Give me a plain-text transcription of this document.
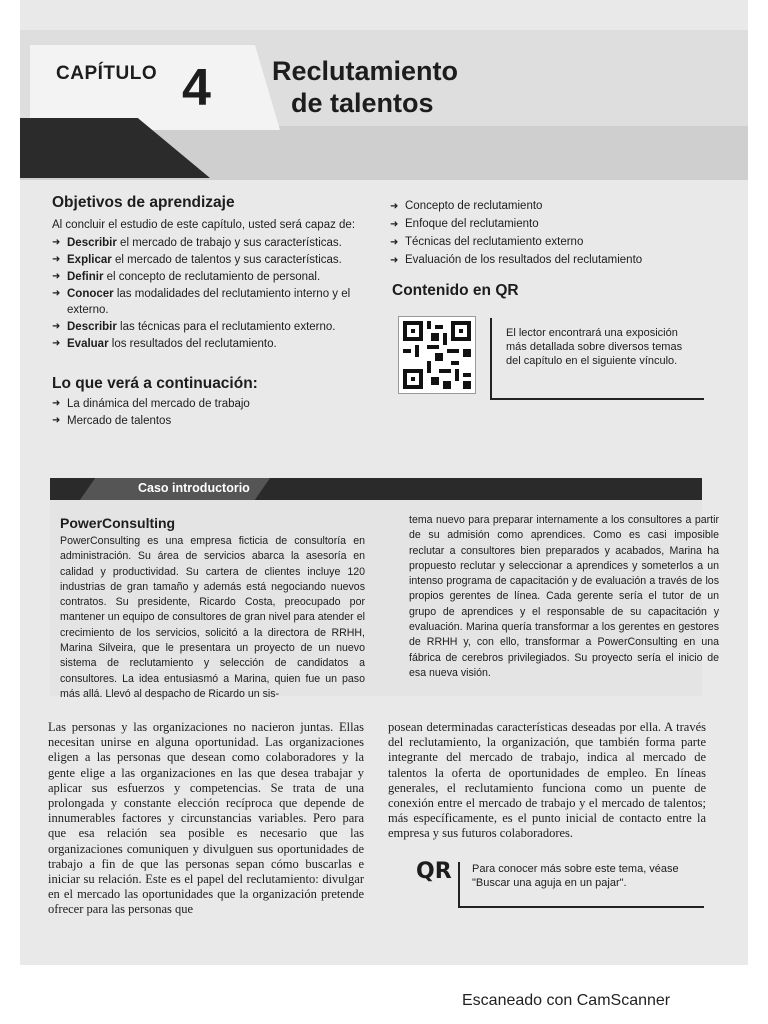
CAPÍTULO 4 Reclutamiento
de talentos
Objetivos de aprendizaje

Al concluir el estudio de este capítulo, usted será capaz de:

➜ Describir el mercado de trabajo y sus características.
➜ Explicar el mercado de talentos y sus características.
➜ Definir el concepto de reclutamiento de personal.
➜ Conocer las modalidades del reclutamiento interno y el externo.
➜ Describir las técnicas para el reclutamiento externo.
➜ Evaluar los resultados del reclutamiento.
Lo que verá a continuación:
➜ La dinámica del mercado de trabajo
➜ Mercado de talentos
➜ Concepto de reclutamiento
➜ Enfoque del reclutamiento
➜ Técnicas del reclutamiento externo
➜ Evaluación de los resultados del reclutamiento
Contenido en QR
El lector encontrará una exposición más detallada sobre diversos temas del capítulo en el siguiente vínculo.
Caso introductorio
PowerConsulting

PowerConsulting es una empresa ficticia de consultoría en administración. Su área de servicios abarca la asesoría en calidad y productividad. Su cartera de clientes incluye 120 industrias de gran tamaño y además está negociando nuevos contratos. Su presidente, Ricardo Costa, preocupado por mantener un equipo de consultores de gran nivel para atender el crecimiento de los servicios, solicitó a la directora de RRHH, Marina Silveira, que le presentara un proyecto de un nuevo sistema de reclutamiento y selección de candidatos a consultores. La idea entusiasmó a Marina, quien fue un paso más allá. Llevó al despacho de Ricardo un sis-

tema nuevo para preparar internamente a los consultores a partir de su admisión como aprendices. Como es casi imposible reclutar a consultores bien preparados y acabados, Marina ha propuesto reclutar y seleccionar a aprendices y someterlos a un intenso programa de capacitación y de evaluación a través de los propios gerentes de línea. Cada gerente sería el tutor de un grupo de aprendices y el responsable de su capacitación y evaluación. Marina quería transformar a los gerentes en gestores de RRHH y, con ello, transformar a PowerConsulting en una fábrica de cerebros privilegiados. Su proyecto sería el inicio de esa nueva visión.

Las personas y las organizaciones no nacieron juntas. Ellas necesitan unirse en alguna oportunidad. Las organizaciones eligen a las personas que desean como colaboradores y la gente elige a las organizaciones en las que desea trabajar y aplicar sus esfuerzos y competencias. Se trata de una prolongada y constante elección recíproca que depende de innumerables factores y circunstancias variables. Pero para que esa relación sea posible es necesario que las organizaciones comuniquen y divulguen sus oportunidades de trabajo a fin de que las personas sepan cómo buscarlas e iniciar su relación. Este es el papel del reclutamiento: divulgar en el mercado las oportunidades que la organización pretende ofrecer para las personas que

posean determinadas características deseadas por ella. A través del reclutamiento, la organización, que también forma parte integrante del mercado de trabajo, indica al mercado de talentos la oferta de oportunidades de empleo. En líneas generales, el reclutamiento funciona como un puente de conexión entre el mercado de trabajo y el mercado de talentos; más específicamente, es el punto inicial de contacto entre la empresa y sus futuros colaboradores.

QR	Para conocer más sobre este tema, véase "Buscar una aguja en un pajar".
Escaneado con CamScanner
